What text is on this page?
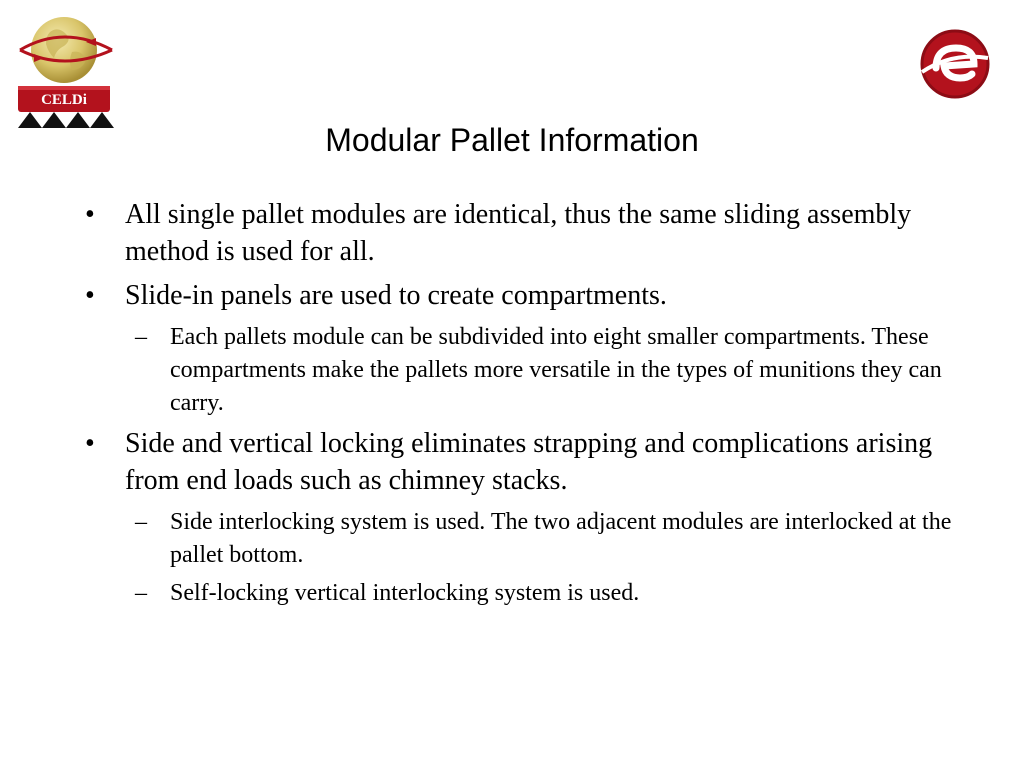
CELDi
Modular Pallet Information
•	All single pallet modules are identical, thus the same sliding assembly method is used for all.
•	Slide-in panels are used to create compartments.
– Each pallets module can be subdivided into eight smaller compartments. These compartments make the pallets more versatile in the types of munitions they can carry.
•	Side and vertical locking eliminates strapping and complications arising from end loads such as chimney stacks.
– Side interlocking system is used. The two adjacent modules are interlocked at the pallet bottom.
– Self-locking vertical interlocking system is used.
